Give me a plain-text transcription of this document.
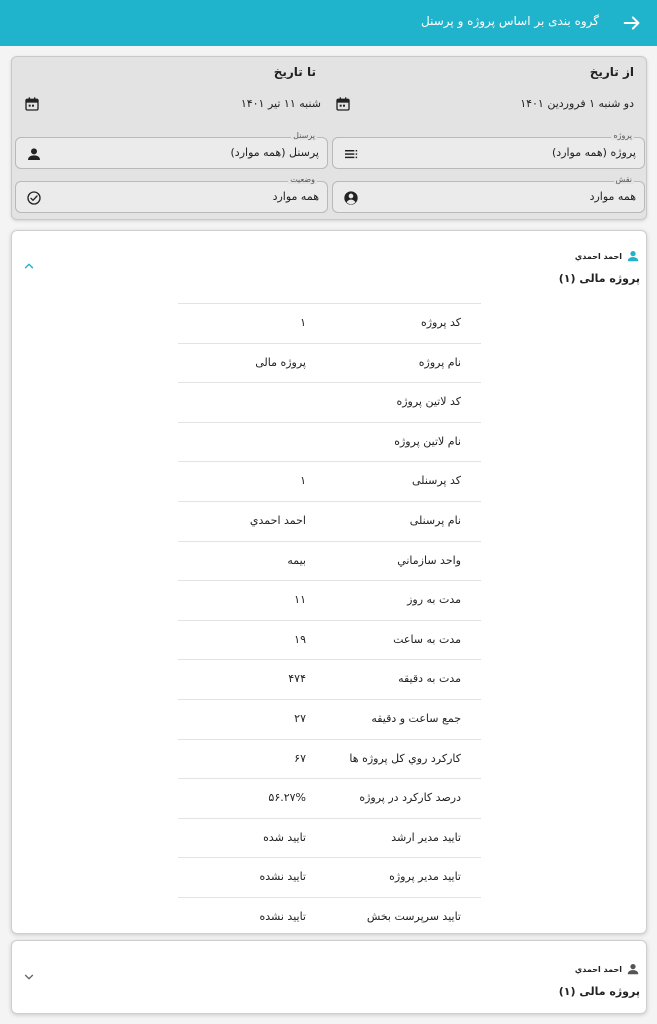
گروه بندی بر اساس پروژه و پرسنل
از تاریخ
تا تاریخ
دو شنبه ۱ فروردین ۱۴۰۱
شنبه ۱۱ تیر ۱۴۰۱
پروژه
پروژه (همه موارد)
پرسنل
پرسنل (همه موارد)
نقش
همه موارد
وضعیت
همه موارد
احمد احمدي
پروژه مالی (۱)
کد پروژه
۱
نام پروژه
پروژه مالی
کد لاتین پروژه
نام لاتین پروژه
کد پرسنلی
۱
نام پرسنلی
احمد احمدي
واحد سازماني
بیمه
مدت به روز
۱۱
مدت به ساعت
۱۹
مدت به دقیقه
۴۷۴
جمع ساعت و دقیقه
۲۷
کارکرد روي کل پروژه ها
۶۷
درصد کارکرد در پروژه
۵۶.۲۷%
تایید مدیر ارشد
تایید شده
تایید مدیر پروژه
تایید نشده
تایید سرپرست بخش
تایید نشده
احمد احمدي
پروژه مالی (۱)
